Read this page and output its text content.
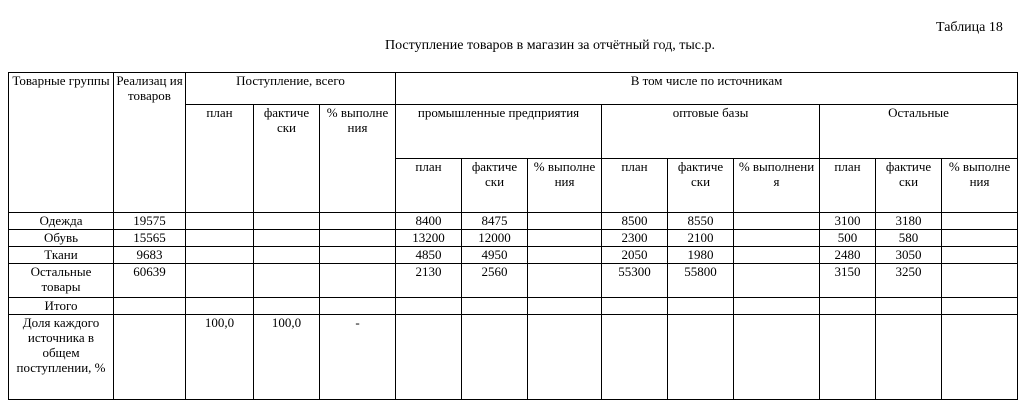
Таблица 18
Поступление товаров в магазин за отчётный год, тыс.р.
Товарные группы	Реализац ия товаров	Поступление, всего			В том числе по источникам								
		план	фактиче ски	% выполне ния	промышленные предприятия			оптовые базы			Остальные		
					план	фактиче ски	% выполне ния	план	фактиче ски	% выполнени я	план	фактиче ски	% выполне ния
Одежда	19575				8400	8475		8500	8550		3100	3180	
Обувь	15565				13200	12000		2300	2100		500	580	
Ткани	9683				4850	4950		2050	1980		2480	3050	
Остальные товары	60639				2130	2560		55300	55800		3150	3250	
Итого													
Доля каждого источника в общем поступлении, %		100,0	100,0	-									
